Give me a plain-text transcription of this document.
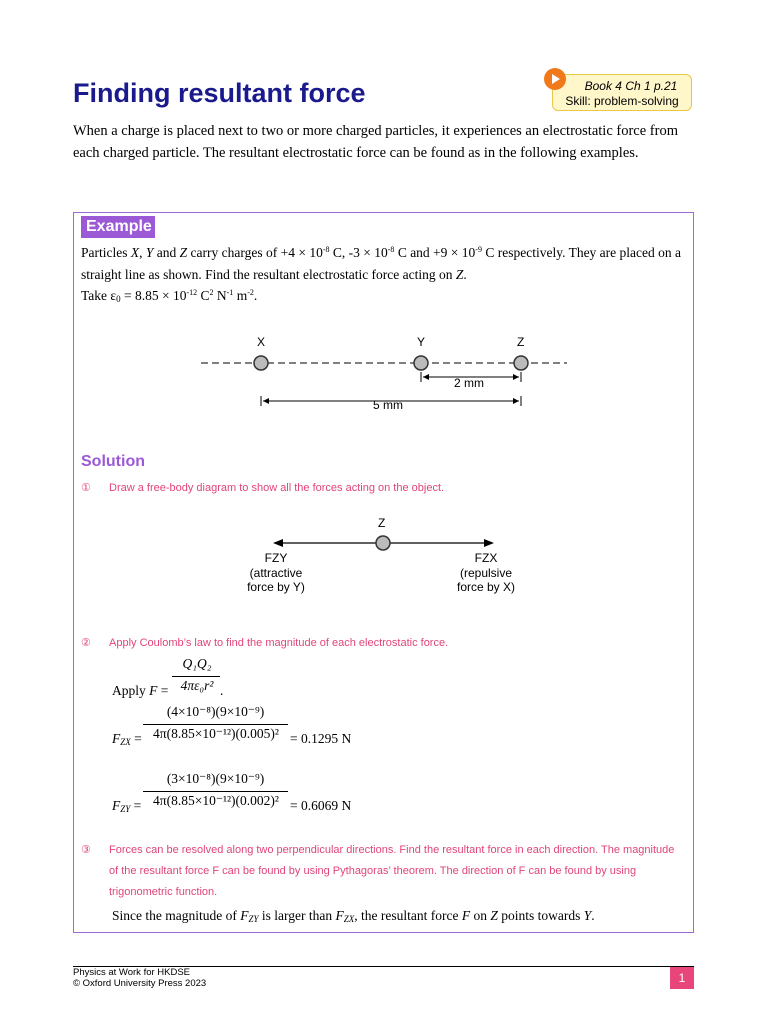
Finding resultant force	Book 4 Ch 1 p.21
Skill: problem-solving
When a charge is placed next to two or more charged particles, it experiences an electrostatic force from each charged particle. The resultant electrostatic force can be found as in the following examples.
Example
Particles X, Y and Z carry charges of $+4 \times 10^{-8}$ C, $-3 \times 10^{-8}$ C and $+9 \times 10^{-9}$ C respectively. They are placed on a straight line as shown. Find the resultant electrostatic force acting on Z.
Take $\varepsilon_0 = 8.85 \times 10^{-12}$ $C^2$ $N^{-1}$ $m^{-2}$.
X	Y	Z
2 mm
5 mm
Solution
① Draw a free-body diagram to show all the forces acting on the object.
Z
FZY
(attractive
force by Y)
FZX
(repulsive
force by X)
② Apply Coulomb’s law to find the magnitude of each electrostatic force.
Q₁Q₂
4πε₀r²
Apply F =	.
(4×10⁻⁸)(9×10⁻⁹)
4π(8.85×10⁻¹²)(0.005)²
$F_{ZX}$ =	= 0.1295 N
(3×10⁻⁸)(9×10⁻⁹)
4π(8.85×10⁻¹²)(0.002)²
$F_{ZY}$ =	= 0.6069 N
③ Forces can be resolved along two perpendicular directions. Find the resultant force in each direction. The magnitude of the resultant force F can be found by using Pythagoras’ theorem. The direction of F can be found by using trigonometric function.
Since the magnitude of $F_{ZY}$ is larger than $F_{ZX}$, the resultant force F on Z points towards Y.
Physics at Work for HKDSE
© Oxford University Press 2023	1
